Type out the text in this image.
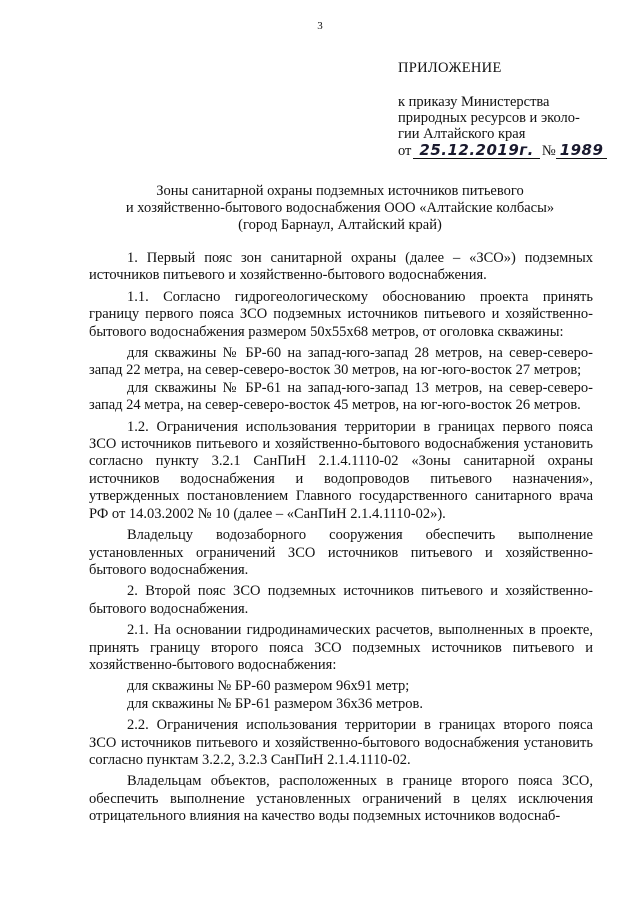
3
ПРИЛОЖЕНИЕ
к приказу Министерства
природных ресурсов и эколо-
гии Алтайского края
от 25.12.2019г. № 1989
Зоны санитарной охраны подземных источников питьевого
и хозяйственно-бытового водоснабжения ООО «Алтайские колбасы»
(город Барнаул, Алтайский край)

1. Первый пояс зон санитарной охраны (далее – «ЗСО») подземных источников питьевого и хозяйственно-бытового водоснабжения.

1.1. Согласно гидрогеологическому обоснованию проекта принять границу первого пояса ЗСО подземных источников питьевого и хозяйственно-бытового водоснабжения размером 50х55х68 метров, от оголовка скважины:

для скважины № БР-60 на запад-юго-запад 28 метров, на север-северо-запад 22 метра, на север-северо-восток 30 метров, на юг-юго-восток 27 метров;

для скважины № БР-61 на запад-юго-запад 13 метров, на север-северо-запад 24 метра, на север-северо-восток 45 метров, на юг-юго-восток 26 метров.

1.2. Ограничения использования территории в границах первого пояса ЗСО источников питьевого и хозяйственно-бытового водоснабжения установить согласно пункту 3.2.1 СанПиН 2.1.4.1110-02 «Зоны санитарной охраны источников водоснабжения и водопроводов питьевого назначения», утвержденных постановлением Главного государственного санитарного врача РФ от 14.03.2002 № 10 (далее – «СанПиН 2.1.4.1110-02»).

Владельцу водозаборного сооружения обеспечить выполнение установленных ограничений ЗСО источников питьевого и хозяйственно-бытового водоснабжения.

2. Второй пояс ЗСО подземных источников питьевого и хозяйственно-бытового водоснабжения.

2.1. На основании гидродинамических расчетов, выполненных в проекте, принять границу второго пояса ЗСО подземных источников питьевого и хозяйственно-бытового водоснабжения:

для скважины № БР-60 размером 96х91 метр;

для скважины № БР-61 размером 36х36 метров.

2.2. Ограничения использования территории в границах второго пояса ЗСО источников питьевого и хозяйственно-бытового водоснабжения установить согласно пунктам 3.2.2, 3.2.3 СанПиН 2.1.4.1110-02.

Владельцам объектов, расположенных в границе второго пояса ЗСО, обеспечить выполнение установленных ограничений в целях исключения отрицательного влияния на качество воды подземных источников водоснаб-
